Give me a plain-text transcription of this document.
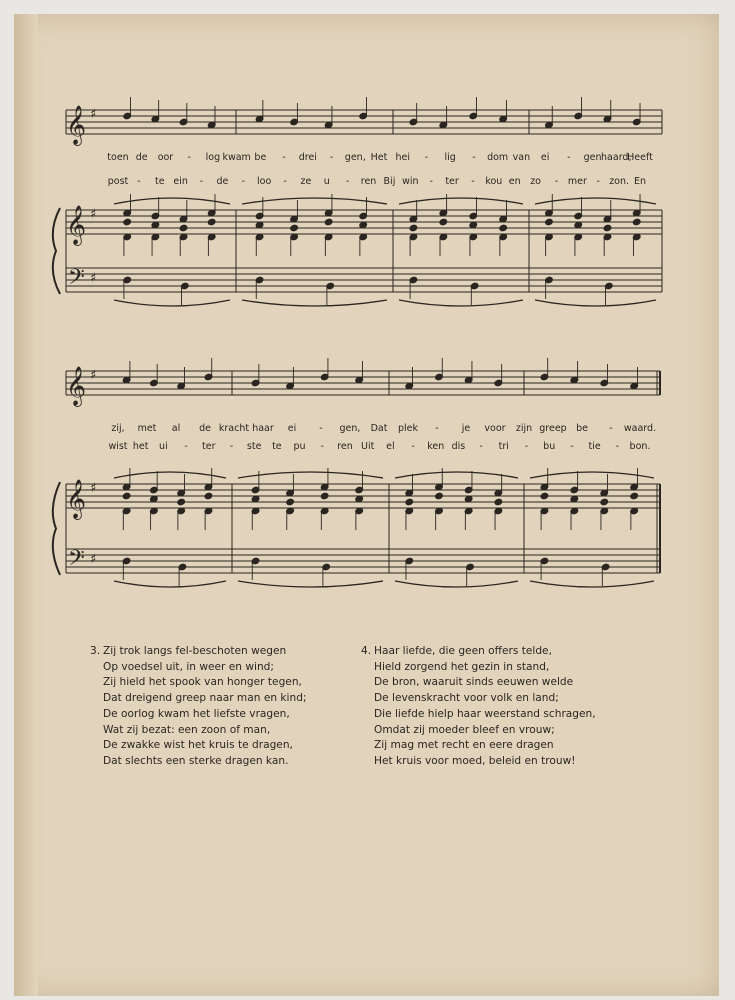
𝄞 ♯
𝄞 ♯
𝄢 ♯
toen de oor - log kwam be - drei - gen, Het hei - lig - dom van ei - gen haard,
Heeft
post - te ein - de - loo - ze u - ren Bij win - ter - kou en zo - mer - zon. En
𝄞 ♯
𝄞 ♯
𝄢 ♯
zij, met al de kracht haar ei - gen, Dat plek - je voor zijn greep be - waard.
wist het ui - ter - ste te pu - ren Uit el - ken dis - tri - bu - tie - bon.
3. Zij trok langs fel-beschoten wegen
Op voedsel uit, in weer en wind;
Zij hield het spook van honger tegen,
Dat dreigend greep naar man en kind;
De oorlog kwam het liefste vragen,
Wat zij bezat: een zoon of man,
De zwakke wist het kruis te dragen,
Dat slechts een sterke dragen kan.
4. Haar liefde, die geen offers telde,
Hield zorgend het gezin in stand,
De bron, waaruit sinds eeuwen welde
De levenskracht voor volk en land;
Die liefde hielp haar weerstand schragen,
Omdat zij moeder bleef en vrouw;
Zij mag met recht en eere dragen
Het kruis voor moed, beleid en trouw!
